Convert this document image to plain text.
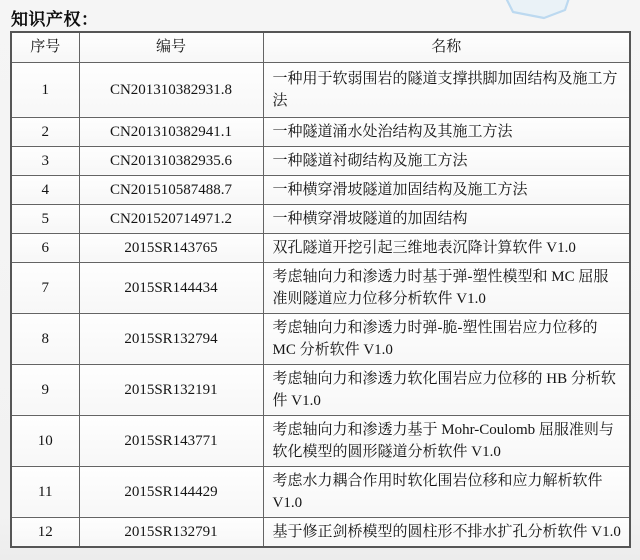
知识产权：
序号	编号	名称
1	CN201310382931.8	一种用于软弱围岩的隧道支撑拱脚加固结构及施工方法
2	CN201310382941.1	一种隧道涌水处治结构及其施工方法
3	CN201310382935.6	一种隧道衬砌结构及施工方法
4	CN201510587488.7	一种横穿滑坡隧道加固结构及施工方法
5	CN201520714971.2	一种横穿滑坡隧道的加固结构
6	2015SR143765	双孔隧道开挖引起三维地表沉降计算软件 V1.0
7	2015SR144434	考虑轴向力和渗透力时基于弹-塑性模型和 MC 屈服准则隧道应力位移分析软件 V1.0
8	2015SR132794	考虑轴向力和渗透力时弹-脆-塑性围岩应力位移的 MC 分析软件 V1.0
9	2015SR132191	考虑轴向力和渗透力软化围岩应力位移的 HB 分析软件 V1.0
10	2015SR143771	考虑轴向力和渗透力基于 Mohr-Coulomb 屈服准则与软化模型的圆形隧道分析软件 V1.0
11	2015SR144429	考虑水力耦合作用时软化围岩位移和应力解析软件 V1.0
12	2015SR132791	基于修正剑桥模型的圆柱形不排水扩孔分析软件 V1.0
